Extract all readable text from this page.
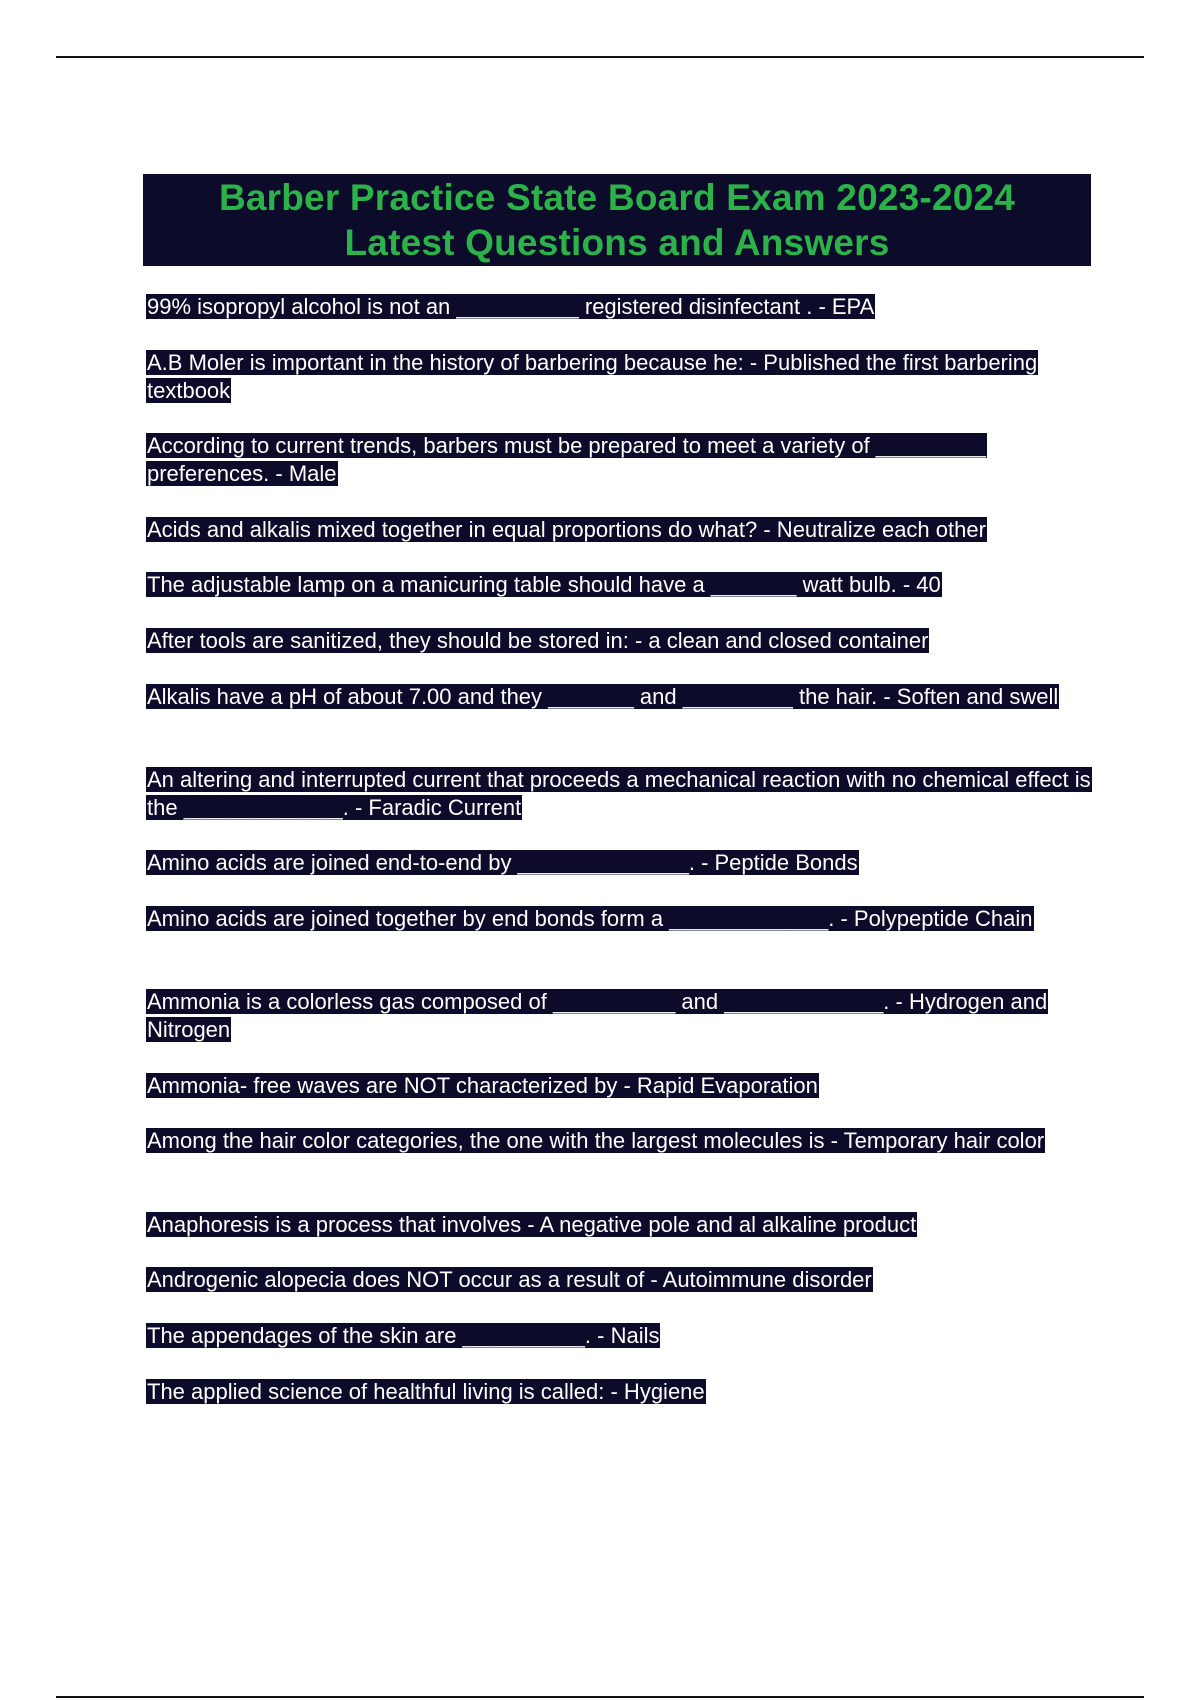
Barber Practice State Board Exam 2023-2024
Latest Questions and Answers

99% isopropyl alcohol is not an __________ registered disinfectant . - EPA

A.B Moler is important in the history of barbering because he: - Published the first barbering textbook

According to current trends, barbers must be prepared to meet a variety of _________ preferences. - Male

Acids and alkalis mixed together in equal proportions do what? - Neutralize each other

The adjustable lamp on a manicuring table should have a _______ watt bulb. - 40

After tools are sanitized, they should be stored in: - a clean and closed container

Alkalis have a pH of about 7.00 and they _______ and _________ the hair. - Soften and swell

An altering and interrupted current that proceeds a mechanical reaction with no chemical effect is the _____________. - Faradic Current

Amino acids are joined end-to-end by ______________. - Peptide Bonds

Amino acids are joined together by end bonds form a _____________. - Polypeptide Chain

Ammonia is a colorless gas composed of __________ and _____________. - Hydrogen and Nitrogen

Ammonia- free waves are NOT characterized by - Rapid Evaporation

Among the hair color categories, the one with the largest molecules is - Temporary hair color

Anaphoresis is a process that involves - A negative pole and al alkaline product

Androgenic alopecia does NOT occur as a result of - Autoimmune disorder

The appendages of the skin are __________. - Nails

The applied science of healthful living is called: - Hygiene
